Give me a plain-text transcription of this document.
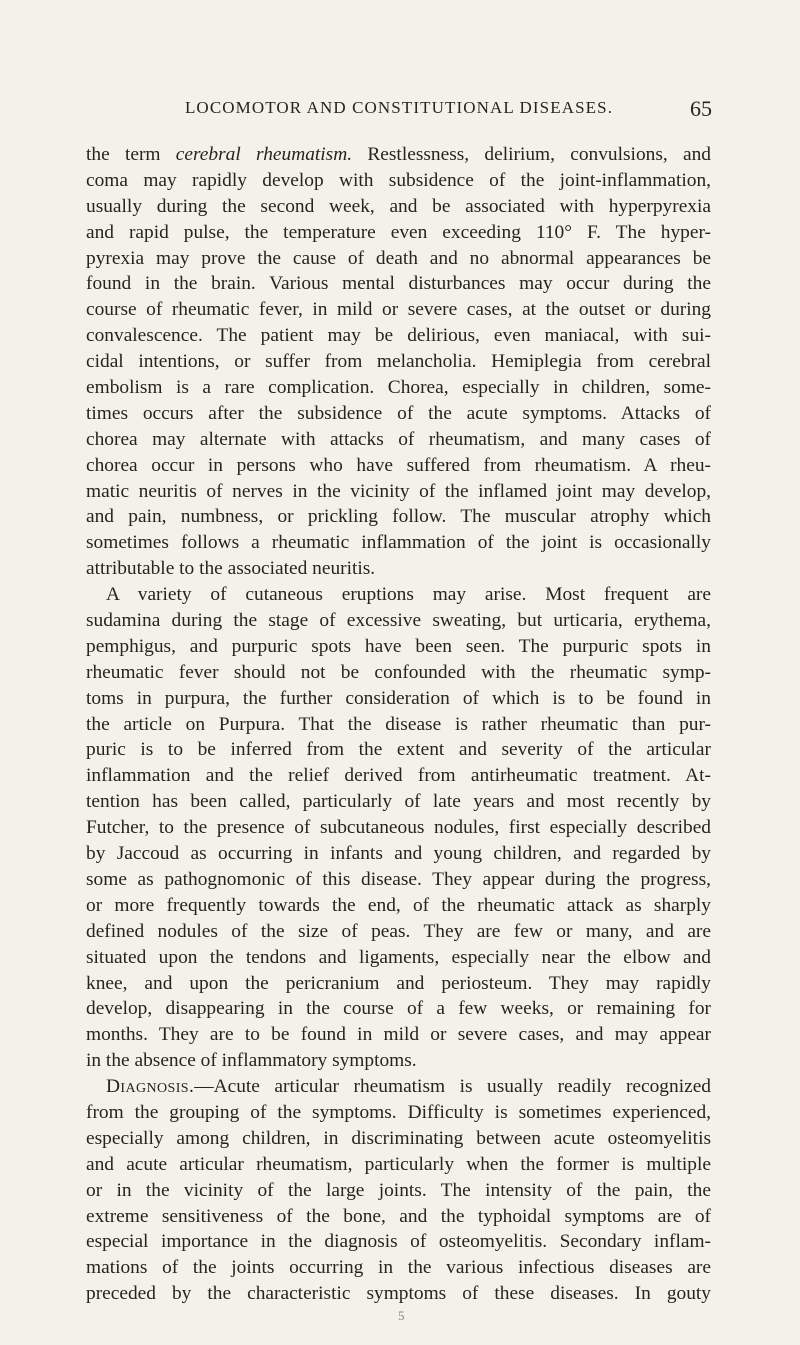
LOCOMOTOR AND CONSTITUTIONAL DISEASES.	65
the term cerebral rheumatism. Restlessness, delirium, convulsions, and
coma may rapidly develop with subsidence of the joint-inflammation,
usually during the second week, and be associated with hyperpyrexia
and rapid pulse, the temperature even exceeding 110° F. The hyper-
pyrexia may prove the cause of death and no abnormal appearances be
found in the brain. Various mental disturbances may occur during the
course of rheumatic fever, in mild or severe cases, at the outset or during
convalescence. The patient may be delirious, even maniacal, with sui-
cidal intentions, or suffer from melancholia. Hemiplegia from cerebral
embolism is a rare complication. Chorea, especially in children, some-
times occurs after the subsidence of the acute symptoms. Attacks of
chorea may alternate with attacks of rheumatism, and many cases of
chorea occur in persons who have suffered from rheumatism. A rheu-
matic neuritis of nerves in the vicinity of the inflamed joint may develop,
and pain, numbness, or prickling follow. The muscular atrophy which
sometimes follows a rheumatic inflammation of the joint is occasionally
attributable to the associated neuritis.
A variety of cutaneous eruptions may arise. Most frequent are
sudamina during the stage of excessive sweating, but urticaria, erythema,
pemphigus, and purpuric spots have been seen. The purpuric spots in
rheumatic fever should not be confounded with the rheumatic symp-
toms in purpura, the further consideration of which is to be found in
the article on Purpura. That the disease is rather rheumatic than pur-
puric is to be inferred from the extent and severity of the articular
inflammation and the relief derived from antirheumatic treatment. At-
tention has been called, particularly of late years and most recently by
Futcher, to the presence of subcutaneous nodules, first especially described
by Jaccoud as occurring in infants and young children, and regarded by
some as pathognomonic of this disease. They appear during the progress,
or more frequently towards the end, of the rheumatic attack as sharply
defined nodules of the size of peas. They are few or many, and are
situated upon the tendons and ligaments, especially near the elbow and
knee, and upon the pericranium and periosteum. They may rapidly
develop, disappearing in the course of a few weeks, or remaining for
months. They are to be found in mild or severe cases, and may appear
in the absence of inflammatory symptoms.
Diagnosis.—Acute articular rheumatism is usually readily recognized
from the grouping of the symptoms. Difficulty is sometimes experienced,
especially among children, in discriminating between acute osteomyelitis
and acute articular rheumatism, particularly when the former is multiple
or in the vicinity of the large joints. The intensity of the pain, the
extreme sensitiveness of the bone, and the typhoidal symptoms are of
especial importance in the diagnosis of osteomyelitis. Secondary inflam-
mations of the joints occurring in the various infectious diseases are
preceded by the characteristic symptoms of these diseases. In gouty
5
